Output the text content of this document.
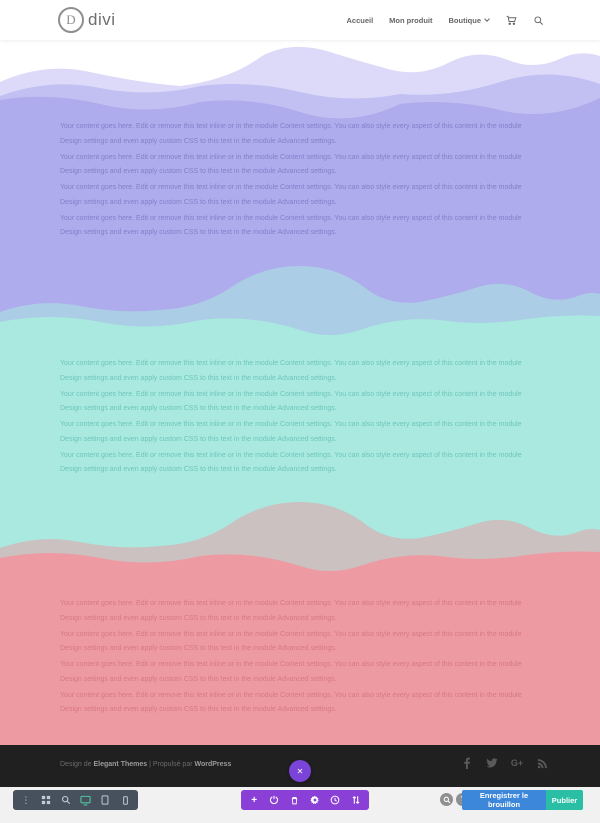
D divi	Accueil Mon produit Boutique

Your content goes here. Edit or remove this text inline or in the module Content settings. You can also style every aspect of this content in the module Design settings and even apply custom CSS to this text in the module Advanced settings.

Your content goes here. Edit or remove this text inline or in the module Content settings. You can also style every aspect of this content in the module Design settings and even apply custom CSS to this text in the module Advanced settings.

Your content goes here. Edit or remove this text inline or in the module Content settings. You can also style every aspect of this content in the module Design settings and even apply custom CSS to this text in the module Advanced settings.

Your content goes here. Edit or remove this text inline or in the module Content settings. You can also style every aspect of this content in the module Design settings and even apply custom CSS to this text in the module Advanced settings.

Your content goes here. Edit or remove this text inline or in the module Content settings. You can also style every aspect of this content in the module Design settings and even apply custom CSS to this text in the module Advanced settings.

Your content goes here. Edit or remove this text inline or in the module Content settings. You can also style every aspect of this content in the module Design settings and even apply custom CSS to this text in the module Advanced settings.

Your content goes here. Edit or remove this text inline or in the module Content settings. You can also style every aspect of this content in the module Design settings and even apply custom CSS to this text in the module Advanced settings.

Your content goes here. Edit or remove this text inline or in the module Content settings. You can also style every aspect of this content in the module Design settings and even apply custom CSS to this text in the module Advanced settings.

Your content goes here. Edit or remove this text inline or in the module Content settings. You can also style every aspect of this content in the module Design settings and even apply custom CSS to this text in the module Advanced settings.

Your content goes here. Edit or remove this text inline or in the module Content settings. You can also style every aspect of this content in the module Design settings and even apply custom CSS to this text in the module Advanced settings.

Your content goes here. Edit or remove this text inline or in the module Content settings. You can also style every aspect of this content in the module Design settings and even apply custom CSS to this text in the module Advanced settings.

Your content goes here. Edit or remove this text inline or in the module Content settings. You can also style every aspect of this content in the module Design settings and even apply custom CSS to this text in the module Advanced settings.

Design de Elegant Themes | Propulsé par WordPress	G+
✕
⋮	+	Enregistrer le brouillon	Publier
